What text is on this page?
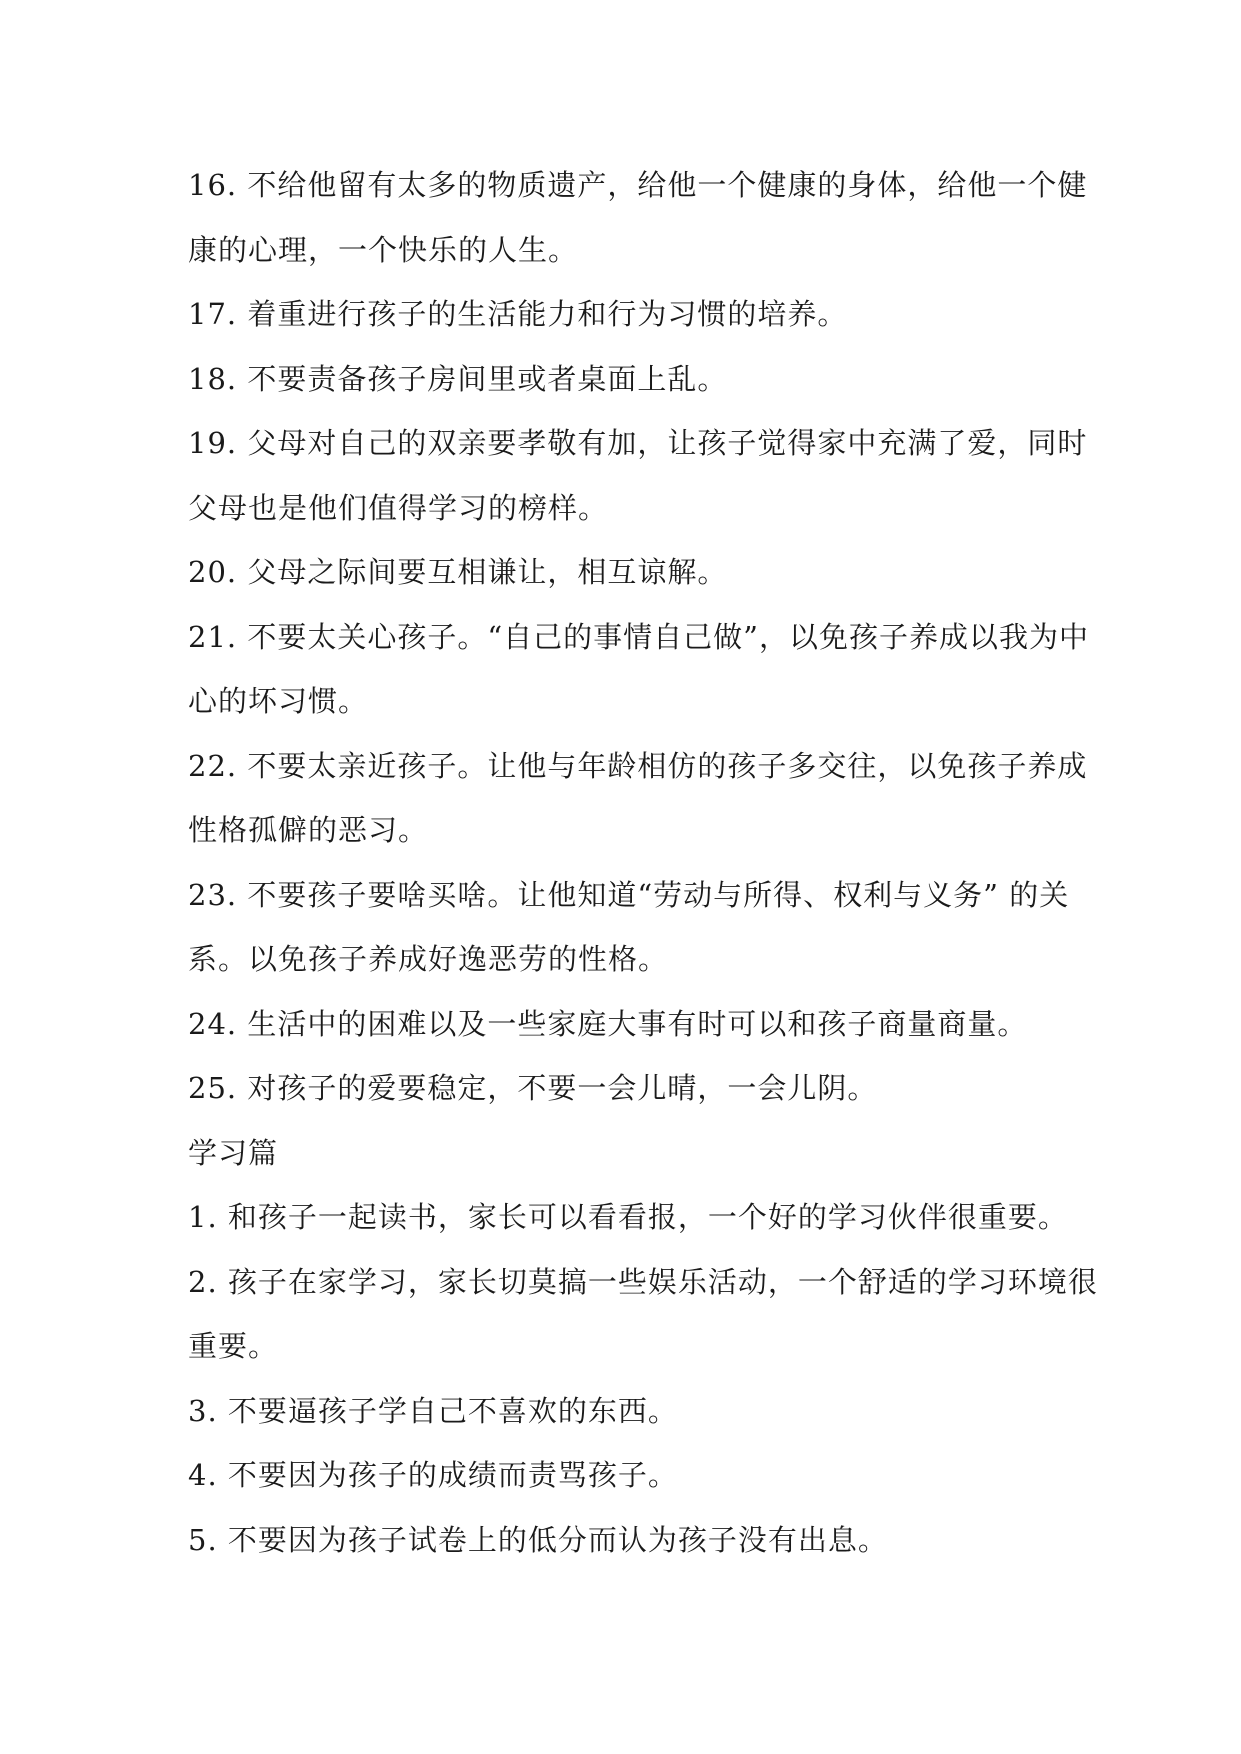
16. 不给他留有太多的物质遗产，给他一个健康的身体，给他一个健
康的心理，一个快乐的人生。
17. 着重进行孩子的生活能力和行为习惯的培养。
18. 不要责备孩子房间里或者桌面上乱。
19. 父母对自己的双亲要孝敬有加，让孩子觉得家中充满了爱，同时
父母也是他们值得学习的榜样。
20. 父母之际间要互相谦让，相互谅解。
21. 不要太关心孩子。“自己的事情自己做”，以免孩子养成以我为中
心的坏习惯。
22. 不要太亲近孩子。让他与年龄相仿的孩子多交往，以免孩子养成
性格孤僻的恶习。
23. 不要孩子要啥买啥。让他知道“劳动与所得、权利与义务” 的关
系。以免孩子养成好逸恶劳的性格。
24. 生活中的困难以及一些家庭大事有时可以和孩子商量商量。
25. 对孩子的爱要稳定，不要一会儿晴，一会儿阴。
学习篇
1. 和孩子一起读书，家长可以看看报，一个好的学习伙伴很重要。
2. 孩子在家学习，家长切莫搞一些娱乐活动，一个舒适的学习环境很
重要。
3. 不要逼孩子学自己不喜欢的东西。
4. 不要因为孩子的成绩而责骂孩子。
5. 不要因为孩子试卷上的低分而认为孩子没有出息。
